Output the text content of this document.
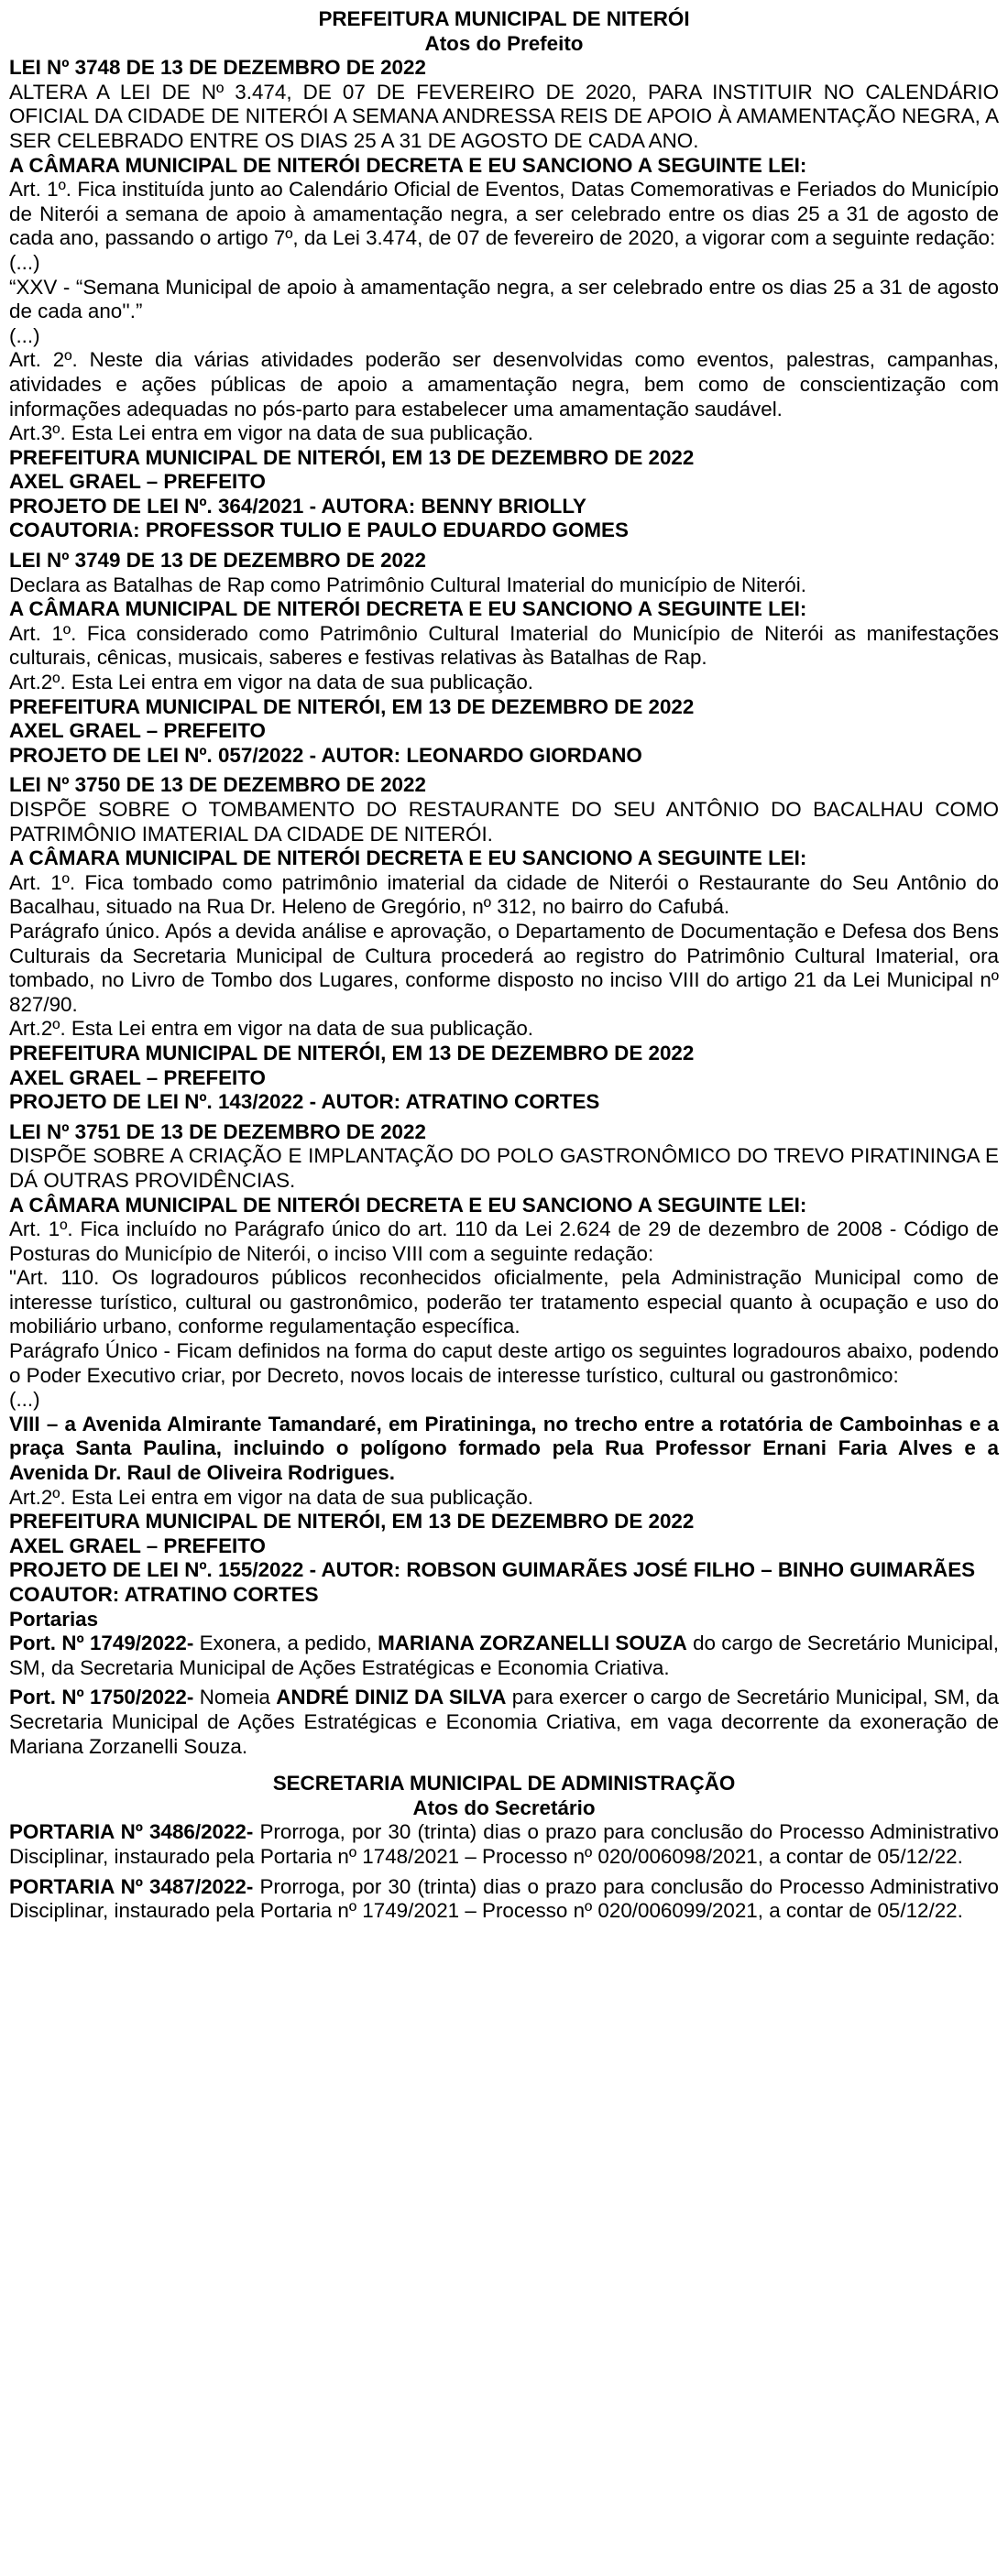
PREFEITURA MUNICIPAL DE NITERÓI

Atos do Prefeito

LEI Nº 3748 DE 13 DE DEZEMBRO DE 2022

ALTERA A LEI DE Nº 3.474, DE 07 DE FEVEREIRO DE 2020, PARA INSTITUIR NO CALENDÁRIO OFICIAL DA CIDADE DE NITERÓI A SEMANA ANDRESSA REIS DE APOIO À AMAMENTAÇÃO NEGRA, A SER CELEBRADO ENTRE OS DIAS 25 A 31 DE AGOSTO DE CADA ANO.

A CÂMARA MUNICIPAL DE NITERÓI DECRETA E EU SANCIONO A SEGUINTE LEI:

Art. 1º. Fica instituída junto ao Calendário Oficial de Eventos, Datas Comemorativas e Feriados do Município de Niterói a semana de apoio à amamentação negra, a ser celebrado entre os dias 25 a 31 de agosto de cada ano, passando o artigo 7º, da Lei 3.474, de 07 de fevereiro de 2020, a vigorar com a seguinte redação:

(...)

“XXV - “Semana Municipal de apoio à amamentação negra, a ser celebrado entre os dias 25 a 31 de agosto de cada ano''.”

(...)

Art. 2º. Neste dia várias atividades poderão ser desenvolvidas como eventos, palestras, campanhas, atividades e ações públicas de apoio a amamentação negra, bem como de conscientização com informações adequadas no pós-parto para estabelecer uma amamentação saudável.

Art.3º. Esta Lei entra em vigor na data de sua publicação.

PREFEITURA MUNICIPAL DE NITERÓI, EM 13 DE DEZEMBRO DE 2022

AXEL GRAEL – PREFEITO

PROJETO DE LEI Nº. 364/2021 - AUTORA: BENNY BRIOLLY

COAUTORIA: PROFESSOR TULIO E PAULO EDUARDO GOMES

LEI Nº 3749 DE 13 DE DEZEMBRO DE 2022

Declara as Batalhas de Rap como Patrimônio Cultural Imaterial do município de Niterói.

A CÂMARA MUNICIPAL DE NITERÓI DECRETA E EU SANCIONO A SEGUINTE LEI:

Art. 1º. Fica considerado como Patrimônio Cultural Imaterial do Município de Niterói as manifestações culturais, cênicas, musicais, saberes e festivas relativas às Batalhas de Rap.

Art.2º. Esta Lei entra em vigor na data de sua publicação.

PREFEITURA MUNICIPAL DE NITERÓI, EM 13 DE DEZEMBRO DE 2022

AXEL GRAEL – PREFEITO

PROJETO DE LEI Nº. 057/2022 - AUTOR: LEONARDO GIORDANO

LEI Nº 3750 DE 13 DE DEZEMBRO DE 2022

DISPÕE SOBRE O TOMBAMENTO DO RESTAURANTE DO SEU ANTÔNIO DO BACALHAU COMO PATRIMÔNIO IMATERIAL DA CIDADE DE NITERÓI.

A CÂMARA MUNICIPAL DE NITERÓI DECRETA E EU SANCIONO A SEGUINTE LEI:

Art. 1º. Fica tombado como patrimônio imaterial da cidade de Niterói o Restaurante do Seu Antônio do Bacalhau, situado na Rua Dr. Heleno de Gregório, nº 312, no bairro do Cafubá.

Parágrafo único. Após a devida análise e aprovação, o Departamento de Documentação e Defesa dos Bens Culturais da Secretaria Municipal de Cultura procederá ao registro do Patrimônio Cultural Imaterial, ora tombado, no Livro de Tombo dos Lugares, conforme disposto no inciso VIII do artigo 21 da Lei Municipal nº 827/90.

Art.2º. Esta Lei entra em vigor na data de sua publicação.

PREFEITURA MUNICIPAL DE NITERÓI, EM 13 DE DEZEMBRO DE 2022

AXEL GRAEL – PREFEITO

PROJETO DE LEI Nº. 143/2022 - AUTOR: ATRATINO CORTES

LEI Nº 3751 DE 13 DE DEZEMBRO DE 2022

DISPÕE SOBRE A CRIAÇÃO E IMPLANTAÇÃO DO POLO GASTRONÔMICO DO TREVO PIRATININGA E DÁ OUTRAS PROVIDÊNCIAS.

A CÂMARA MUNICIPAL DE NITERÓI DECRETA E EU SANCIONO A SEGUINTE LEI:

Art. 1º. Fica incluído no Parágrafo único do art. 110 da Lei 2.624 de 29 de dezembro de 2008 - Código de Posturas do Município de Niterói, o inciso VIII com a seguinte redação:

"Art. 110. Os logradouros públicos reconhecidos oficialmente, pela Administração Municipal como de interesse turístico, cultural ou gastronômico, poderão ter tratamento especial quanto à ocupação e uso do mobiliário urbano, conforme regulamentação específica.

Parágrafo Único - Ficam definidos na forma do caput deste artigo os seguintes logradouros abaixo, podendo o Poder Executivo criar, por Decreto, novos locais de interesse turístico, cultural ou gastronômico:

(...)

VIII – a Avenida Almirante Tamandaré, em Piratininga, no trecho entre a rotatória de Camboinhas e a praça Santa Paulina, incluindo o polígono formado pela Rua Professor Ernani Faria Alves e a Avenida Dr. Raul de Oliveira Rodrigues.

Art.2º. Esta Lei entra em vigor na data de sua publicação.

PREFEITURA MUNICIPAL DE NITERÓI, EM 13 DE DEZEMBRO DE 2022

AXEL GRAEL – PREFEITO

PROJETO DE LEI Nº. 155/2022 - AUTOR: ROBSON GUIMARÃES JOSÉ FILHO – BINHO GUIMARÃES

COAUTOR: ATRATINO CORTES

Portarias

Port. Nº 1749/2022- Exonera, a pedido, MARIANA ZORZANELLI SOUZA do cargo de Secretário Municipal, SM, da Secretaria Municipal de Ações Estratégicas e Economia Criativa.

Port. Nº 1750/2022- Nomeia ANDRÉ DINIZ DA SILVA para exercer o cargo de Secretário Municipal, SM, da Secretaria Municipal de Ações Estratégicas e Economia Criativa, em vaga decorrente da exoneração de Mariana Zorzanelli Souza.

SECRETARIA MUNICIPAL DE ADMINISTRAÇÃO

Atos do Secretário

PORTARIA Nº 3486/2022- Prorroga, por 30 (trinta) dias o prazo para conclusão do Processo Administrativo Disciplinar, instaurado pela Portaria nº 1748/2021 – Processo nº 020/006098/2021, a contar de 05/12/22.

PORTARIA Nº 3487/2022- Prorroga, por 30 (trinta) dias o prazo para conclusão do Processo Administrativo Disciplinar, instaurado pela Portaria nº 1749/2021 – Processo nº 020/006099/2021, a contar de 05/12/22.
